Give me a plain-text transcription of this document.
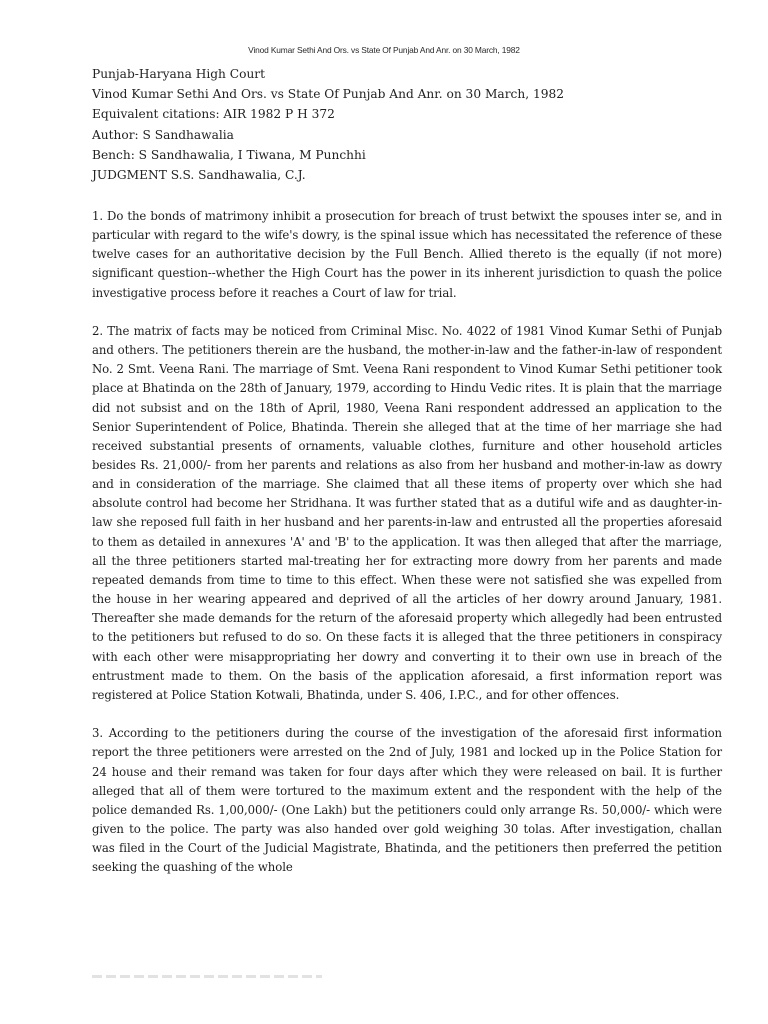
Vinod Kumar Sethi And Ors. vs State Of Punjab And Anr. on 30 March, 1982
Punjab-Haryana High Court
Vinod Kumar Sethi And Ors. vs State Of Punjab And Anr. on 30 March, 1982
Equivalent citations: AIR 1982 P H 372
Author: S Sandhawalia
Bench: S Sandhawalia, I Tiwana, M Punchhi
JUDGMENT S.S. Sandhawalia, C.J.

1. Do the bonds of matrimony inhibit a prosecution for breach of trust betwixt the spouses inter se, and in particular with regard to the wife's dowry, is the spinal issue which has necessitated the reference of these twelve cases for an authoritative decision by the Full Bench. Allied thereto is the equally (if not more) significant question--whether the High Court has the power in its inherent jurisdiction to quash the police investigative process before it reaches a Court of law for trial.

2. The matrix of facts may be noticed from Criminal Misc. No. 4022 of 1981 Vinod Kumar Sethi of Punjab and others. The petitioners therein are the husband, the mother-in-law and the father-in-law of respondent No. 2 Smt. Veena Rani. The marriage of Smt. Veena Rani respondent to Vinod Kumar Sethi petitioner took place at Bhatinda on the 28th of January, 1979, according to Hindu Vedic rites. It is plain that the marriage did not subsist and on the 18th of April, 1980, Veena Rani respondent addressed an application to the Senior Superintendent of Police, Bhatinda. Therein she alleged that at the time of her marriage she had received substantial presents of ornaments, valuable clothes, furniture and other household articles besides Rs. 21,000/- from her parents and relations as also from her husband and mother-in-law as dowry and in consideration of the marriage. She claimed that all these items of property over which she had absolute control had become her Stridhana. It was further stated that as a dutiful wife and as daughter-in-law she reposed full faith in her husband and her parents-in-law and entrusted all the properties aforesaid to them as detailed in annexures 'A' and 'B' to the application. It was then alleged that after the marriage, all the three petitioners started mal-treating her for extracting more dowry from her parents and made repeated demands from time to time to this effect. When these were not satisfied she was expelled from the house in her wearing appeared and deprived of all the articles of her dowry around January, 1981. Thereafter she made demands for the return of the aforesaid property which allegedly had been entrusted to the petitioners but refused to do so. On these facts it is alleged that the three petitioners in conspiracy with each other were misappropriating her dowry and converting it to their own use in breach of the entrustment made to them. On the basis of the application aforesaid, a first information report was registered at Police Station Kotwali, Bhatinda, under S. 406, I.P.C., and for other offences.

3. According to the petitioners during the course of the investigation of the aforesaid first information report the three petitioners were arrested on the 2nd of July, 1981 and locked up in the Police Station for 24 house and their remand was taken for four days after which they were released on bail. It is further alleged that all of them were tortured to the maximum extent and the respondent with the help of the police demanded Rs. 1,00,000/- (One Lakh) but the petitioners could only arrange Rs. 50,000/- which were given to the police. The party was also handed over gold weighing 30 tolas. After investigation, challan was filed in the Court of the Judicial Magistrate, Bhatinda, and the petitioners then preferred the petition seeking the quashing of the whole
